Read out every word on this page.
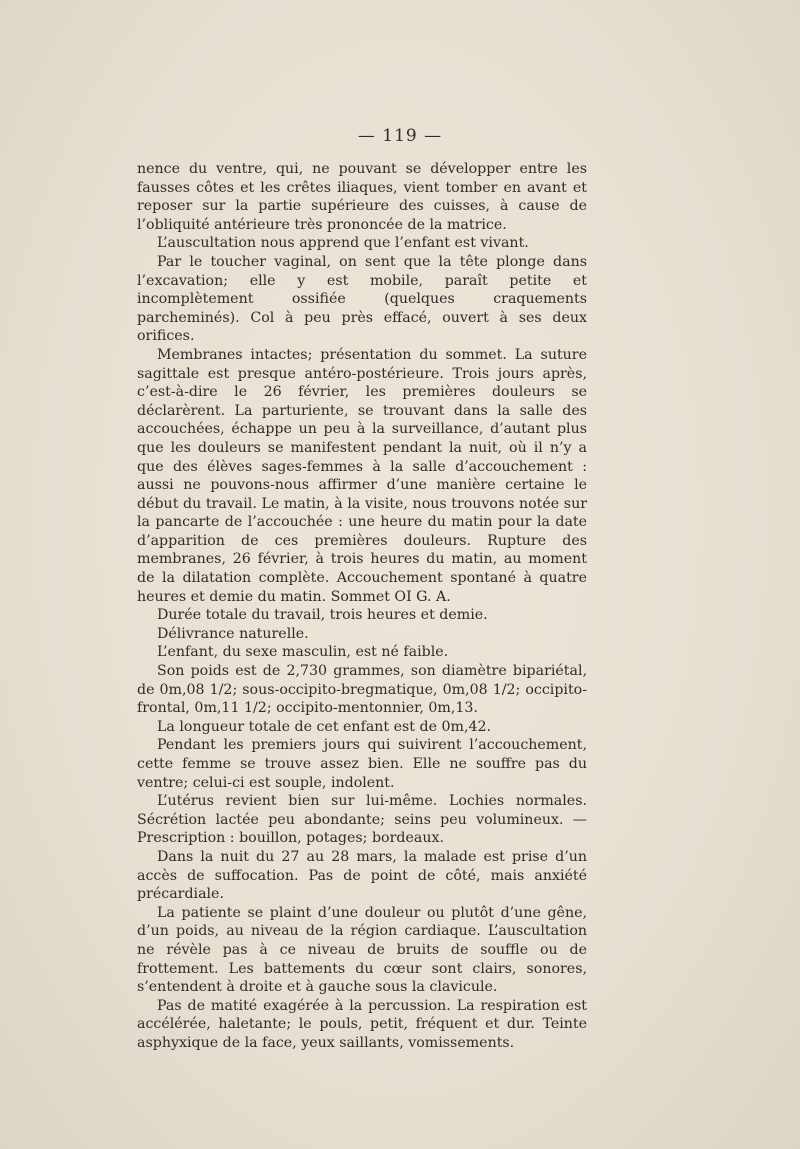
— 119 —

nence du ventre, qui, ne pouvant se développer entre les fausses côtes et les crêtes iliaques, vient tomber en avant et reposer sur la partie supérieure des cuisses, à cause de l’obliquité antérieure très prononcée de la matrice.

L’auscultation nous apprend que l’enfant est vivant.

Par le toucher vaginal, on sent que la tête plonge dans l’excavation; elle y est mobile, paraît petite et incomplètement ossifiée (quelques craquements parcheminés). Col à peu près effacé, ouvert à ses deux orifices.

Membranes intactes; présentation du sommet. La suture sagittale est presque antéro-postérieure. Trois jours après, c’est-à-dire le 26 février, les premières douleurs se déclarèrent. La parturiente, se trouvant dans la salle des accouchées, échappe un peu à la surveillance, d’autant plus que les douleurs se manifestent pendant la nuit, où il n’y a que des élèves sages-femmes à la salle d’accouchement : aussi ne pouvons-nous affirmer d’une manière certaine le début du travail. Le matin, à la visite, nous trouvons notée sur la pancarte de l’accouchée : une heure du matin pour la date d’apparition de ces premières douleurs. Rupture des membranes, 26 février, à trois heures du matin, au moment de la dilatation complète. Accouchement spontané à quatre heures et demie du matin. Sommet OI G. A.

Durée totale du travail, trois heures et demie.

Délivrance naturelle.

L’enfant, du sexe masculin, est né faible.

Son poids est de 2,730 grammes, son diamètre bipariétal, de 0m,08 1/2; sous-occipito-bregmatique, 0m,08 1/2; occipito-frontal, 0m,11 1/2; occipito-mentonnier, 0m,13.

La longueur totale de cet enfant est de 0m,42.

Pendant les premiers jours qui suivirent l’accouchement, cette femme se trouve assez bien. Elle ne souffre pas du ventre; celui-ci est souple, indolent.

L’utérus revient bien sur lui-même. Lochies normales. Sécrétion lactée peu abondante; seins peu volumineux. — Prescription : bouillon, potages; bordeaux.

Dans la nuit du 27 au 28 mars, la malade est prise d’un accès de suffocation. Pas de point de côté, mais anxiété précardiale.

La patiente se plaint d’une douleur ou plutôt d’une gêne, d’un poids, au niveau de la région cardiaque. L’auscultation ne révèle pas à ce niveau de bruits de souffle ou de frottement. Les battements du cœur sont clairs, sonores, s’entendent à droite et à gauche sous la clavicule.

Pas de matité exagérée à la percussion. La respiration est accélérée, haletante; le pouls, petit, fréquent et dur. Teinte asphyxique de la face, yeux saillants, vomissements.
